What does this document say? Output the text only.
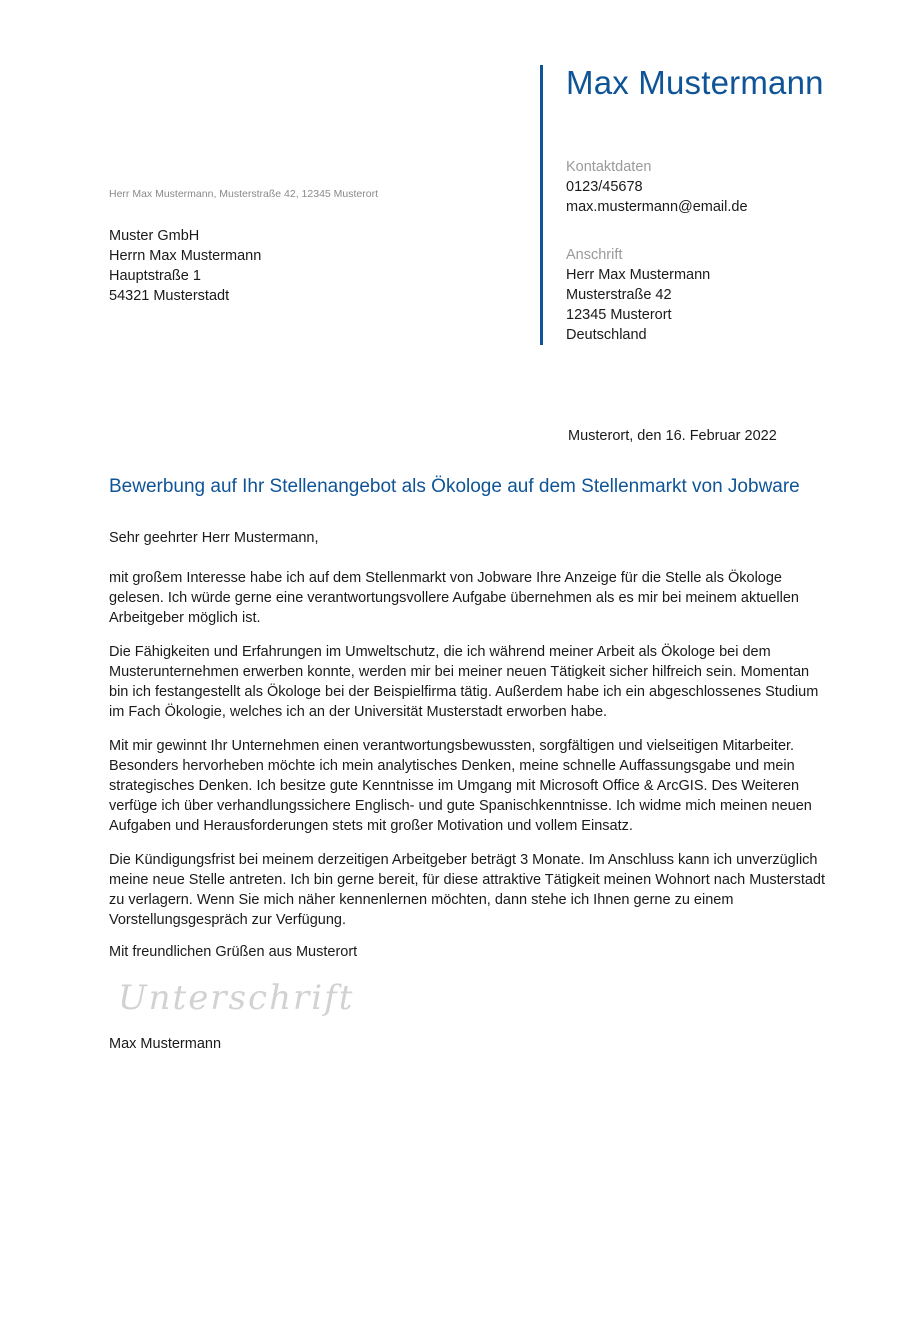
Max Mustermann
Kontaktdaten
0123/45678
max.mustermann@email.de
Anschrift
Herr Max Mustermann
Musterstraße 42
12345 Musterort
Deutschland
Herr Max Mustermann, Musterstraße 42, 12345 Musterort
Muster GmbH
Herrn Max Mustermann
Hauptstraße 1
54321 Musterstadt
Musterort, den 16. Februar 2022
Bewerbung auf Ihr Stellenangebot als Ökologe auf dem Stellenmarkt von Jobware
Sehr geehrter Herr Mustermann,
mit großem Interesse habe ich auf dem Stellenmarkt von Jobware Ihre Anzeige für die Stelle als Ökologe
gelesen. Ich würde gerne eine verantwortungsvollere Aufgabe übernehmen als es mir bei meinem aktuellen
Arbeitgeber möglich ist.
Die Fähigkeiten und Erfahrungen im Umweltschutz, die ich während meiner Arbeit als Ökologe bei dem
Musterunternehmen erwerben konnte, werden mir bei meiner neuen Tätigkeit sicher hilfreich sein. Momentan
bin ich festangestellt als Ökologe bei der Beispielfirma tätig. Außerdem habe ich ein abgeschlossenes Studium
im Fach Ökologie, welches ich an der Universität Musterstadt erworben habe.
Mit mir gewinnt Ihr Unternehmen einen verantwortungsbewussten, sorgfältigen und vielseitigen Mitarbeiter.
Besonders hervorheben möchte ich mein analytisches Denken, meine schnelle Auffassungsgabe und mein
strategisches Denken. Ich besitze gute Kenntnisse im Umgang mit Microsoft Office & ArcGIS. Des Weiteren
verfüge ich über verhandlungssichere Englisch- und gute Spanischkenntnisse. Ich widme mich meinen neuen
Aufgaben und Herausforderungen stets mit großer Motivation und vollem Einsatz.
Die Kündigungsfrist bei meinem derzeitigen Arbeitgeber beträgt 3 Monate. Im Anschluss kann ich unverzüglich
meine neue Stelle antreten. Ich bin gerne bereit, für diese attraktive Tätigkeit meinen Wohnort nach Musterstadt
zu verlagern. Wenn Sie mich näher kennenlernen möchten, dann stehe ich Ihnen gerne zu einem
Vorstellungsgespräch zur Verfügung.
Mit freundlichen Grüßen aus Musterort
Unterschrift
Max Mustermann
